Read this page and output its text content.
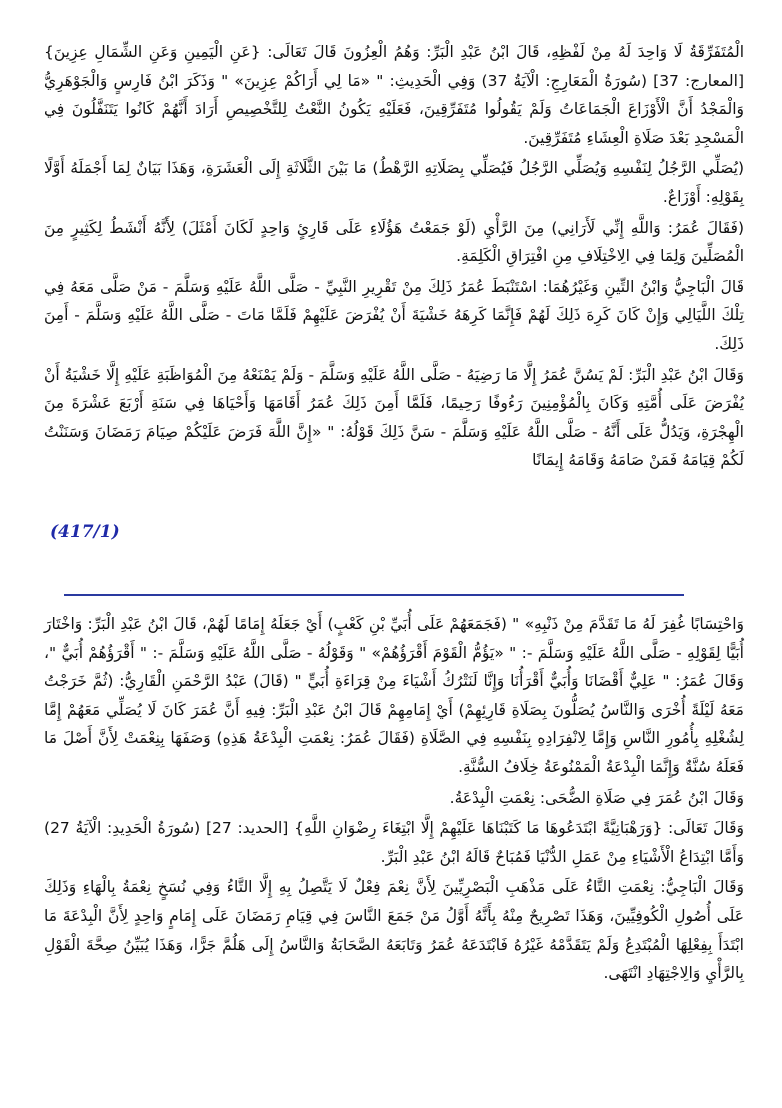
الْمُتَفَرِّقَةُ لَا وَاحِدَ لَهُ مِنْ لَفْظِهِ، قَالَ ابْنُ عَبْدِ الْبَرِّ: وَهُمُ الْعِزُونَ قَالَ تَعَالَى: {عَنِ الْيَمِينِ وَعَنِ الشِّمَالِ عِزِينَ} [المعارج: 37] (سُورَةُ الْمَعَارِجِ: الْآيَةُ 37) وَفِي الْحَدِيثِ: " «مَا لِي أَرَاكُمْ عِزِينَ» " وَذَكَرَ ابْنُ فَارِسٍ وَالْجَوْهَرِيُّ وَالْمَجْدُ أَنَّ الْأَوْزَاعَ الْجَمَاعَاتُ وَلَمْ يَقُولُوا مُتَفَرِّقِينَ، فَعَلَيْهِ يَكُونُ النَّعْتُ لِلتَّخْصِيصِ أَرَادَ أَنَّهُمْ كَانُوا يَتَنَفَّلُونَ فِي الْمَسْجِدِ بَعْدَ صَلَاةِ الْعِشَاءِ مُتَفَرِّقِينَ.

(يُصَلِّي الرَّجُلُ لِنَفْسِهِ وَيُصَلِّي الرَّجُلُ فَيُصَلِّي بِصَلَاتِهِ الرَّهْطُ) مَا بَيْنَ الثَّلَاثَةِ إِلَى الْعَشَرَةِ، وَهَذَا بَيَانٌ لِمَا أَجْمَلَهُ أَوَّلًا بِقَوْلِهِ: أَوْزَاعٌ.

(فَقَالَ عُمَرُ: وَاللَّهِ إِنِّي لَأَرَانِي) مِنَ الرَّأْيِ (لَوْ جَمَعْتُ هَؤُلَاءِ عَلَى قَارِئٍ وَاحِدٍ لَكَانَ أَمْثَلَ) لِأَنَّهُ أَنْشَطُ لِكَثِيرٍ مِنَ الْمُصَلِّينَ وَلِمَا فِي الِاخْتِلَافِ مِنِ افْتِرَاقِ الْكَلِمَةِ.

قَالَ الْبَاجِيُّ وَابْنُ التِّينِ وَغَيْرُهُمَا: اسْتَنْبَطَ عُمَرُ ذَلِكَ مِنْ تَقْرِيرِ النَّبِيِّ - صَلَّى اللَّهُ عَلَيْهِ وَسَلَّمَ - مَنْ صَلَّى مَعَهُ فِي تِلْكَ اللَّيَالِي وَإِنْ كَانَ كَرِهَ ذَلِكَ لَهُمْ فَإِنَّمَا كَرِهَهُ خَشْيَةَ أَنْ يُفْرَضَ عَلَيْهِمْ فَلَمَّا مَاتَ - صَلَّى اللَّهُ عَلَيْهِ وَسَلَّمَ - أَمِنَ ذَلِكَ.

وَقَالَ ابْنُ عَبْدِ الْبَرِّ: لَمْ يَسُنَّ عُمَرُ إِلَّا مَا رَضِيَهُ - صَلَّى اللَّهُ عَلَيْهِ وَسَلَّمَ - وَلَمْ يَمْنَعْهُ مِنَ الْمُوَاظَبَةِ عَلَيْهِ إِلَّا خَشْيَةُ أَنْ يُفْرَضَ عَلَى أُمَّتِهِ وَكَانَ بِالْمُؤْمِنِينَ رَءُوفًا رَحِيمًا، فَلَمَّا أَمِنَ ذَلِكَ عُمَرُ أَقَامَهَا وَأَحْيَاهَا فِي سَنَةِ أَرْبَعَ عَشْرَةَ مِنَ الْهِجْرَةِ، وَيَدُلُّ عَلَى أَنَّهُ - صَلَّى اللَّهُ عَلَيْهِ وَسَلَّمَ - سَنَّ ذَلِكَ قَوْلُهُ: " «إِنَّ اللَّهَ فَرَضَ عَلَيْكُمْ صِيَامَ رَمَضَانَ وَسَنَنْتُ لَكُمْ قِيَامَهُ فَمَنْ صَامَهُ وَقَامَهُ إِيمَانًا

(417/1)

وَاحْتِسَابًا غُفِرَ لَهُ مَا تَقَدَّمَ مِنْ ذَنْبِهِ» " (فَجَمَعَهُمْ عَلَى أُبَيِّ بْنِ كَعْبٍ) أَيْ جَعَلَهُ إِمَامًا لَهُمْ، قَالَ ابْنُ عَبْدِ الْبَرِّ: وَاخْتَارَ أُبَيًّا لِقَوْلِهِ - صَلَّى اللَّهُ عَلَيْهِ وَسَلَّمَ -: " «يَؤُمُّ الْقَوْمَ أَقْرَؤُهُمْ» " وَقَوْلُهُ - صَلَّى اللَّهُ عَلَيْهِ وَسَلَّمَ -: " أَقْرَؤُهُمْ أُبَيٌّ "، وَقَالَ عُمَرُ: " عَلِيٌّ أَقْضَانَا وَأُبَيٌّ أَقْرَأُنَا وَإِنَّا لَنَتْرُكُ أَشْيَاءَ مِنْ قِرَاءَةِ أُبَيٍّ " (قَالَ) عَبْدُ الرَّحْمَنِ الْقَارِيُّ: (ثُمَّ خَرَجْتُ مَعَهُ لَيْلَةً أُخْرَى وَالنَّاسُ يُصَلُّونَ بِصَلَاةِ قَارِئِهِمْ) أَيْ إِمَامِهِمْ قَالَ ابْنُ عَبْدِ الْبَرِّ: فِيهِ أَنَّ عُمَرَ كَانَ لَا يُصَلِّي مَعَهُمْ إِمَّا لِشُغْلِهِ بِأُمُورِ النَّاسِ وَإِمَّا لِانْفِرَادِهِ بِنَفْسِهِ فِي الصَّلَاةِ (فَقَالَ عُمَرُ: نِعْمَتِ الْبِدْعَةُ هَذِهِ) وَصَفَهَا بِنِعْمَتْ لِأَنَّ أَصْلَ مَا فَعَلَهُ سُنَّةٌ وَإِنَّمَا الْبِدْعَةُ الْمَمْنُوعَةُ خِلَافُ السُّنَّةِ.

وَقَالَ ابْنُ عُمَرَ فِي صَلَاةِ الضُّحَى: نِعْمَتِ الْبِدْعَةُ.

وَقَالَ تَعَالَى: {وَرَهْبَانِيَّةً ابْتَدَعُوهَا مَا كَتَبْنَاهَا عَلَيْهِمْ إِلَّا ابْتِغَاءَ رِضْوَانِ اللَّهِ} [الحديد: 27] (سُورَةُ الْحَدِيدِ: الْآيَةُ 27) وَأَمَّا ابْتِدَاعُ الْأَشْيَاءِ مِنْ عَمَلِ الدُّنْيَا فَمُبَاحٌ قَالَهُ ابْنُ عَبْدِ الْبَرِّ.

وَقَالَ الْبَاجِيُّ: نِعْمَتِ التَّاءُ عَلَى مَذْهَبِ الْبَصْرِيِّينَ لِأَنَّ نِعْمَ فِعْلٌ لَا يَتَّصِلُ بِهِ إِلَّا التَّاءُ وَفِي نُسَخٍ نِعْمَةُ بِالْهَاءِ وَذَلِكَ عَلَى أُصُولِ الْكُوفِيِّينَ، وَهَذَا تَصْرِيحٌ مِنْهُ بِأَنَّهُ أَوَّلُ مَنْ جَمَعَ النَّاسَ فِي قِيَامِ رَمَضَانَ عَلَى إِمَامٍ وَاحِدٍ لِأَنَّ الْبِدْعَةَ مَا ابْتَدَأَ بِفِعْلِهَا الْمُبْتَدِعُ وَلَمْ يَتَقَدَّمْهُ غَيْرُهُ فَابْتَدَعَهُ عُمَرُ وَتَابَعَهُ الصَّحَابَةُ وَالنَّاسُ إِلَى هَلُمَّ جَرًّا، وَهَذَا يُبَيِّنُ صِحَّةَ الْقَوْلِ بِالرَّأْيِ وَالِاجْتِهَادِ انْتَهَى.
